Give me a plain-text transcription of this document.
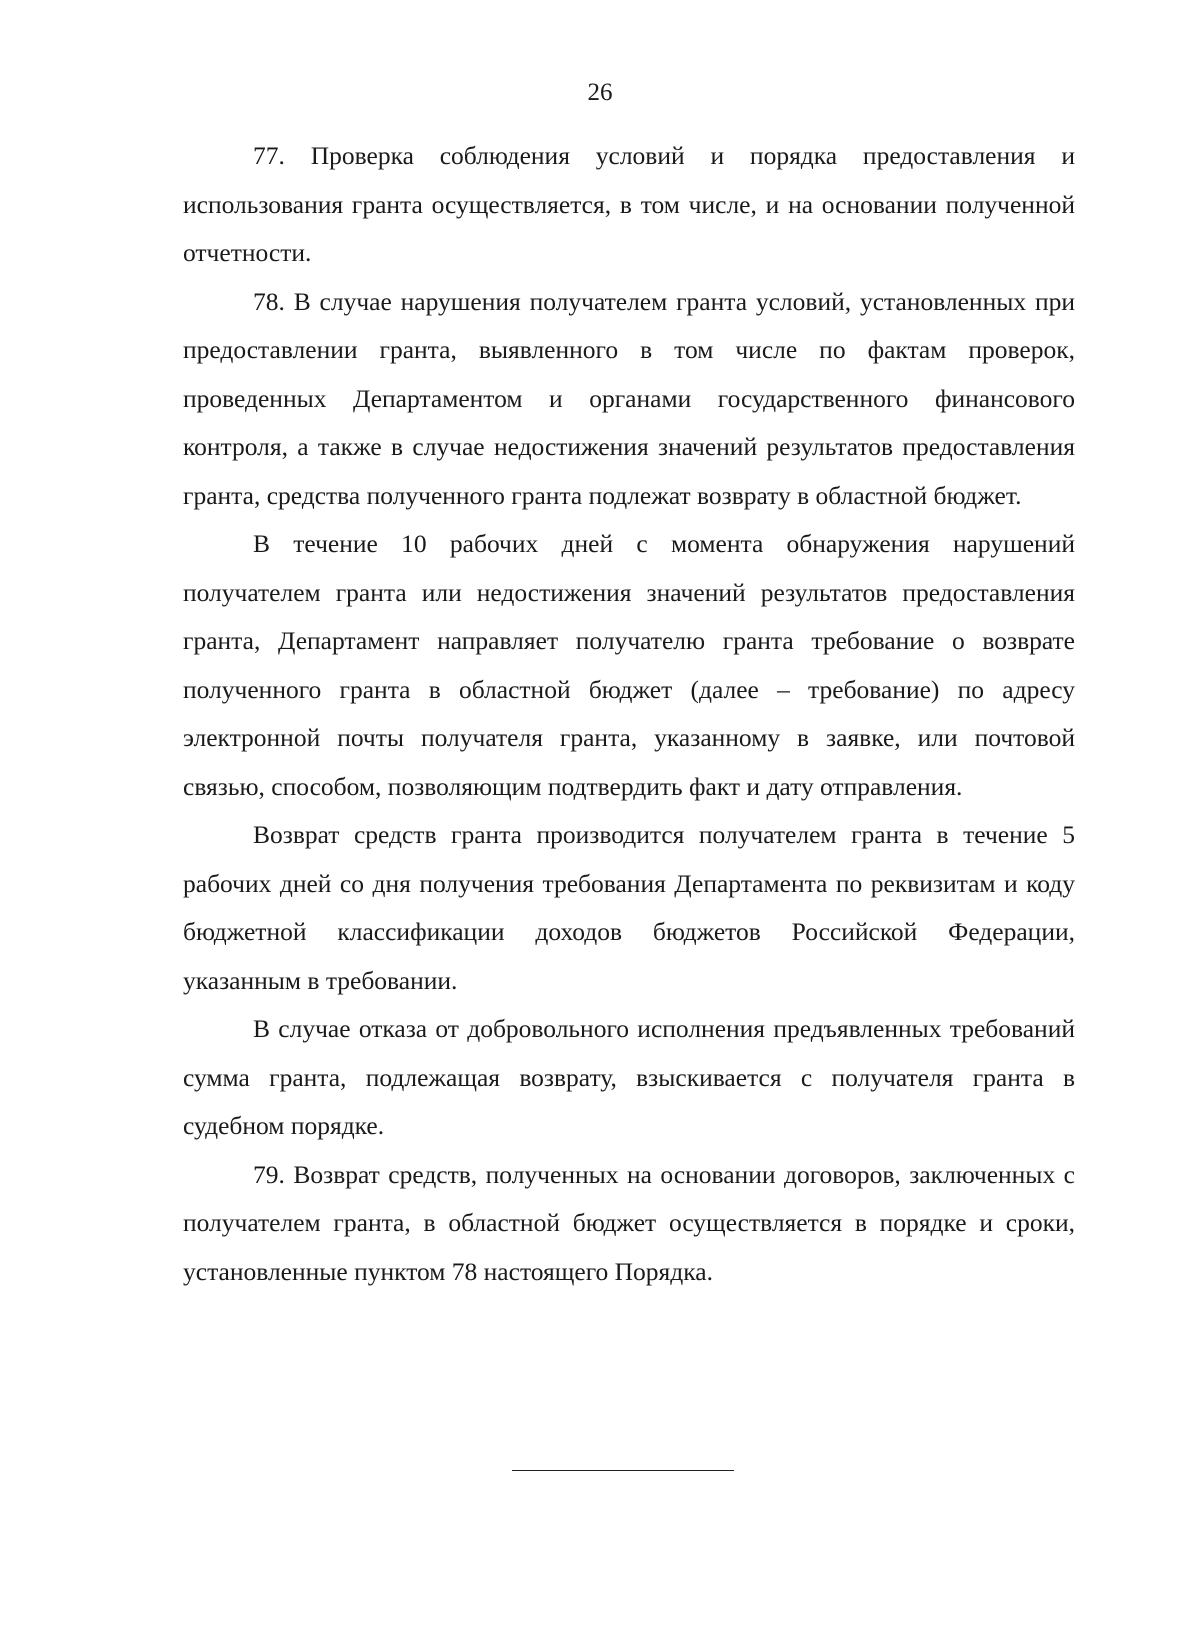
26

77. Проверка соблюдения условий и порядка предоставления и использования гранта осуществляется, в том числе, и на основании полученной отчетности.

78. В случае нарушения получателем гранта условий, установленных при предоставлении гранта, выявленного в том числе по фактам проверок, проведенных Департаментом и органами государственного финансового контроля, а также в случае недостижения значений результатов предоставления гранта, средства полученного гранта подлежат возврату в областной бюджет.

В течение 10 рабочих дней с момента обнаружения нарушений получателем гранта или недостижения значений результатов предоставления гранта, Департамент направляет получателю гранта требование о возврате полученного гранта в областной бюджет (далее – требование) по адресу электронной почты получателя гранта, указанному в заявке, или почтовой связью, способом, позволяющим подтвердить факт и дату отправления.

Возврат средств гранта производится получателем гранта в течение 5 рабочих дней со дня получения требования Департамента по реквизитам и коду бюджетной классификации доходов бюджетов Российской Федерации, указанным в требовании.

В случае отказа от добровольного исполнения предъявленных требований сумма гранта, подлежащая возврату, взыскивается с получателя гранта в судебном порядке.

79. Возврат средств, полученных на основании договоров, заключенных с получателем гранта, в областной бюджет осуществляется в порядке и сроки, установленные пунктом 78 настоящего Порядка.
